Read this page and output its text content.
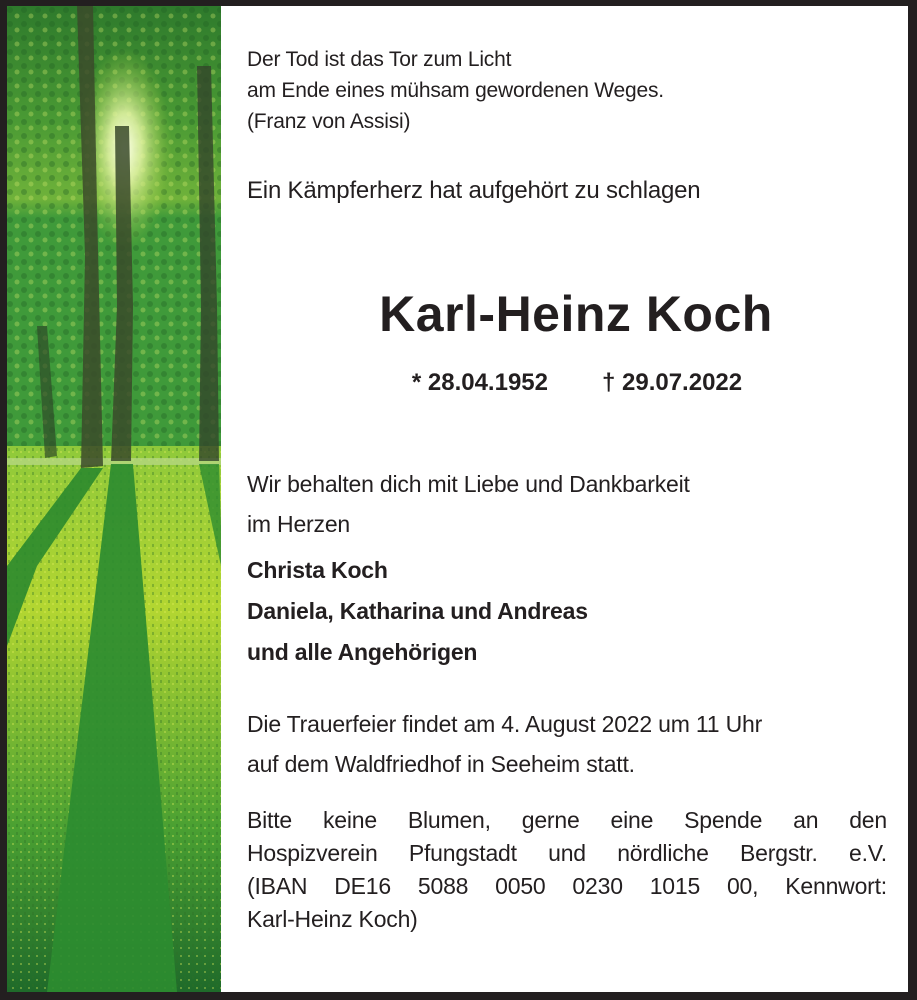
Der Tod ist das Tor zum Licht
am Ende eines mühsam gewordenen Weges.
(Franz von Assisi)
Ein Kämpferherz hat aufgehört zu schlagen
Karl-Heinz Koch
* 28.04.1952 † 29.07.2022
Wir behalten dich mit Liebe und Dankbarkeit
im Herzen
Christa Koch
Daniela, Katharina und Andreas
und alle Angehörigen
Die Trauerfeier findet am 4. August 2022 um 11 Uhr
auf dem Waldfriedhof in Seeheim statt.
Bitte keine Blumen, gerne eine Spende an den
Hospizverein Pfungstadt und nördliche Bergstr. e.V.
(IBAN DE16 5088 0050 0230 1015 00, Kennwort:
Karl-Heinz Koch)
